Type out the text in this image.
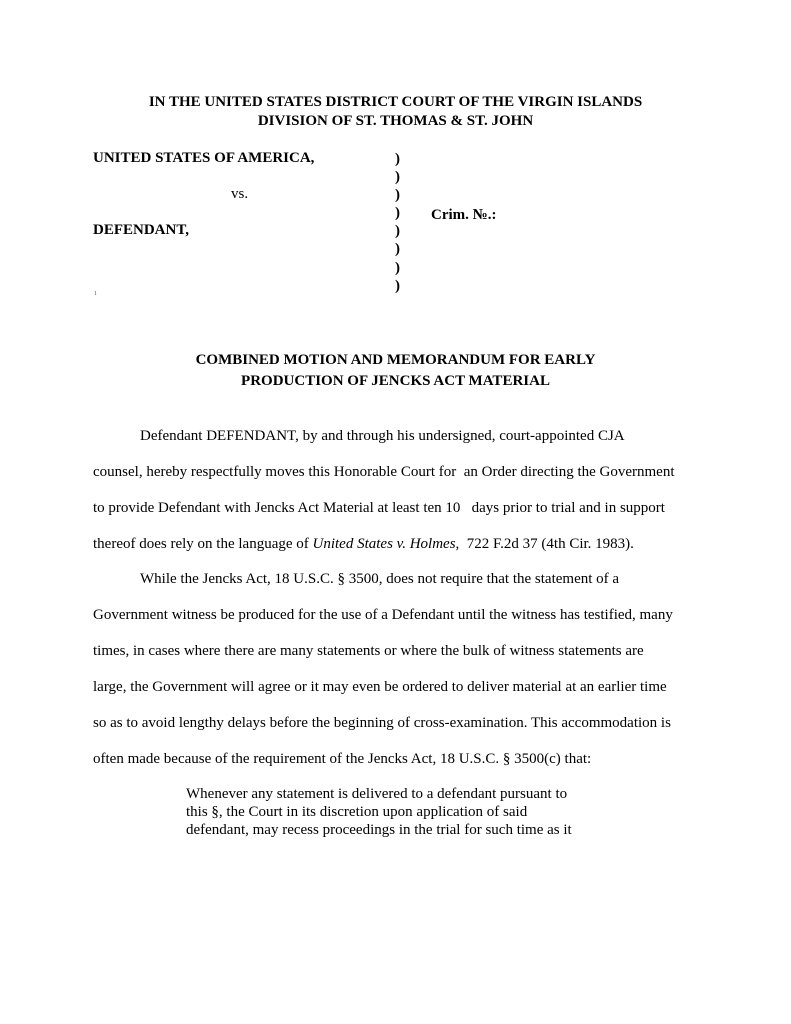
IN THE UNITED STATES DISTRICT COURT OF THE VIRGIN ISLANDS
DIVISION OF ST. THOMAS & ST. JOHN
UNITED STATES OF AMERICA,
vs.
DEFENDANT,
)
)
)
)
)
)
)
)
Crim. №.:
1
COMBINED MOTION AND MEMORANDUM FOR EARLY
PRODUCTION OF JENCKS ACT MATERIAL
Defendant DEFENDANT, by and through his undersigned, court-appointed CJA
counsel, hereby respectfully moves this Honorable Court for  an Order directing the Government
to provide Defendant with Jencks Act Material at least ten 10   days prior to trial and in support
thereof does rely on the language of United States v. Holmes,  722 F.2d 37 (4th Cir. 1983).
While the Jencks Act, 18 U.S.C. § 3500, does not require that the statement of a
Government witness be produced for the use of a Defendant until the witness has testified, many
times, in cases where there are many statements or where the bulk of witness statements are
large, the Government will agree or it may even be ordered to deliver material at an earlier time
so as to avoid lengthy delays before the beginning of cross-examination. This accommodation is
often made because of the requirement of the Jencks Act, 18 U.S.C. § 3500(c) that:
Whenever any statement is delivered to a defendant pursuant to
this §, the Court in its discretion upon application of said
defendant, may recess proceedings in the trial for such time as it
